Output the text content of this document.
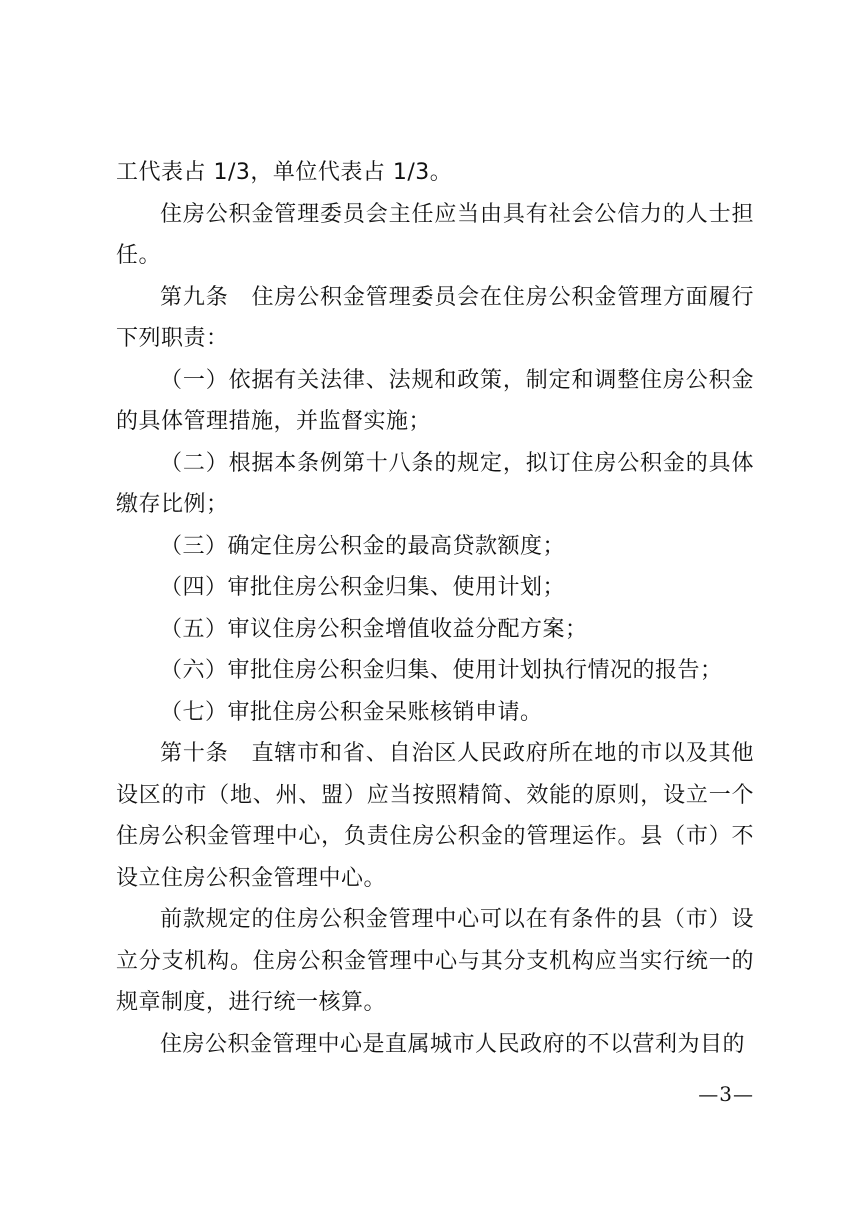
工代表占 1/3，单位代表占 1/3。

住房公积金管理委员会主任应当由具有社会公信力的人士担任。

第九条　住房公积金管理委员会在住房公积金管理方面履行下列职责：

（一）依据有关法律、法规和政策，制定和调整住房公积金的具体管理措施，并监督实施；

（二）根据本条例第十八条的规定，拟订住房公积金的具体缴存比例；

（三）确定住房公积金的最高贷款额度；

（四）审批住房公积金归集、使用计划；

（五）审议住房公积金增值收益分配方案；

（六）审批住房公积金归集、使用计划执行情况的报告；

（七）审批住房公积金呆账核销申请。

第十条　直辖市和省、自治区人民政府所在地的市以及其他设区的市（地、州、盟）应当按照精简、效能的原则，设立一个住房公积金管理中心，负责住房公积金的管理运作。县（市）不设立住房公积金管理中心。

前款规定的住房公积金管理中心可以在有条件的县（市）设立分支机构。住房公积金管理中心与其分支机构应当实行统一的规章制度，进行统一核算。

住房公积金管理中心是直属城市人民政府的不以营利为目的

—3—
